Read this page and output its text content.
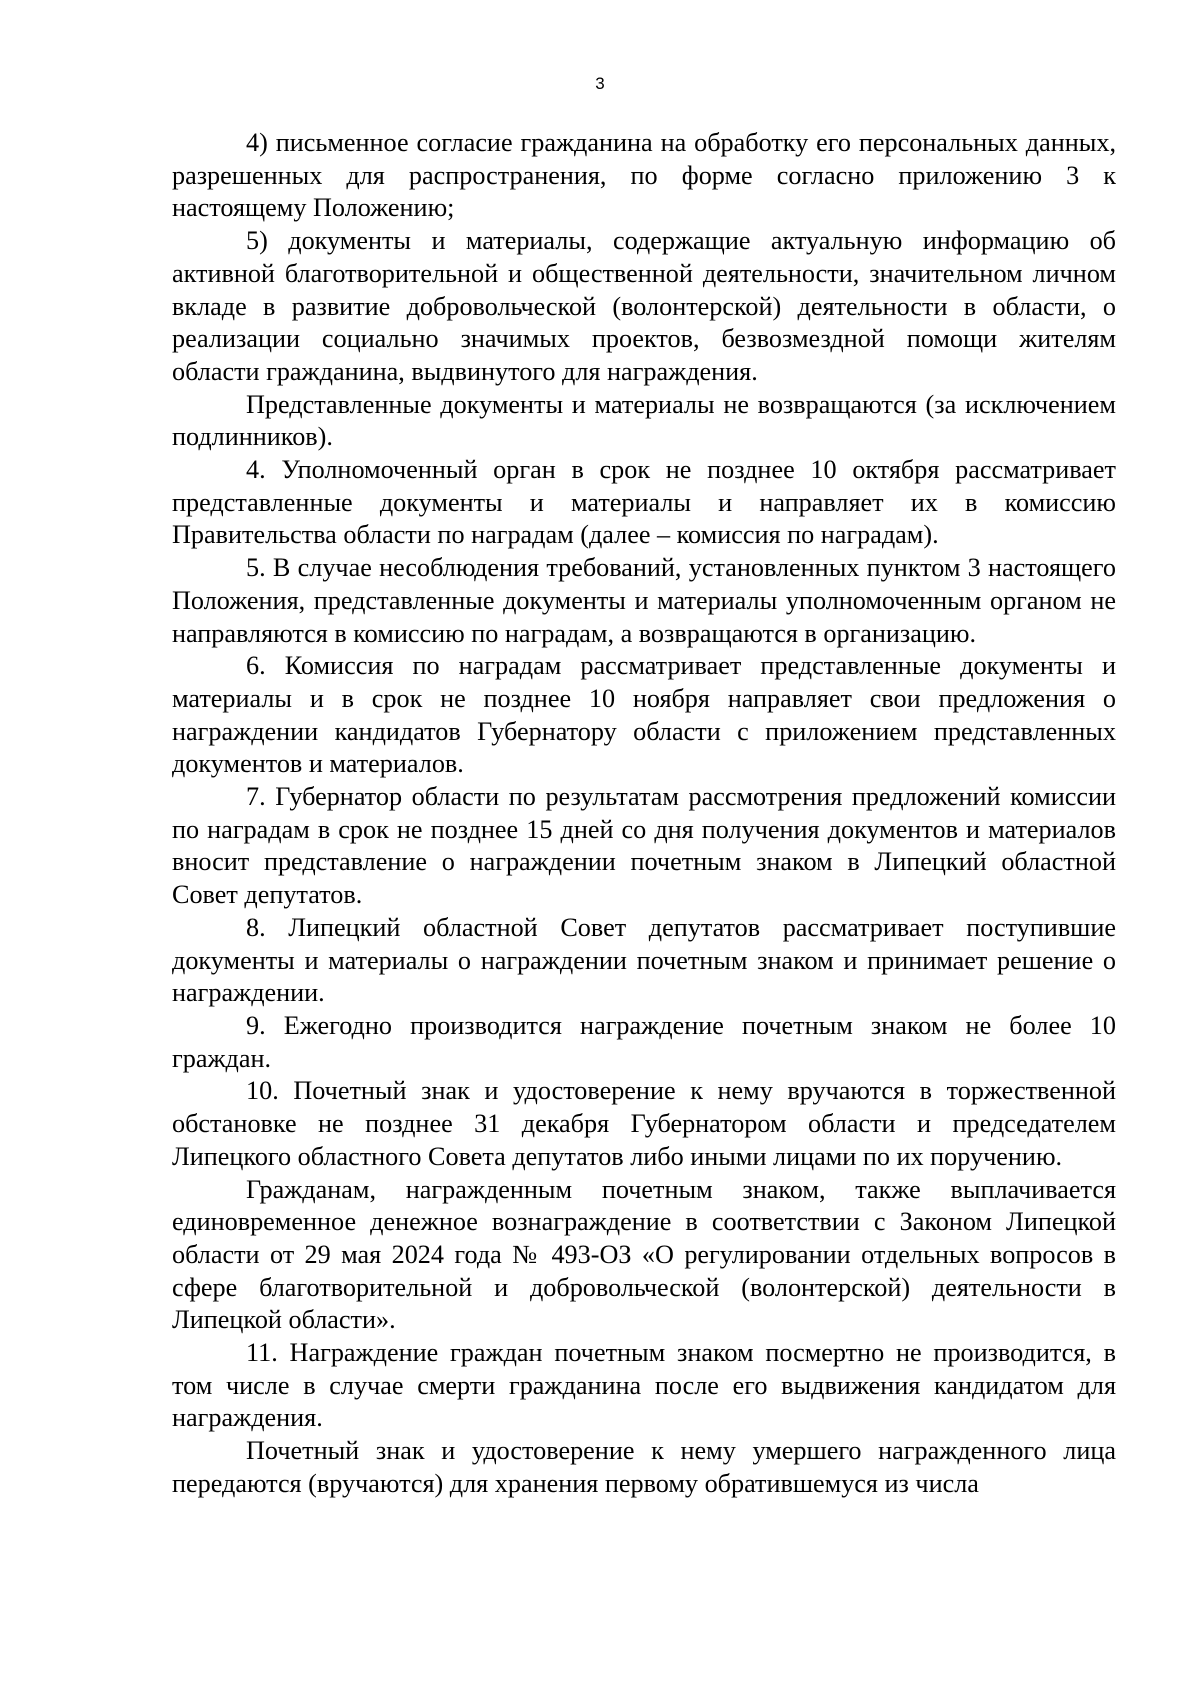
3

4) письменное согласие гражданина на обработку его персональных данных, разрешенных для распространения, по форме согласно приложению 3 к настоящему Положению;

5) документы и материалы, содержащие актуальную информацию об активной благотворительной и общественной деятельности, значительном личном вкладе в развитие добровольческой (волонтерской) деятельности в области, о реализации социально значимых проектов, безвозмездной помощи жителям области гражданина, выдвинутого для награждения.

Представленные документы и материалы не возвращаются (за исключением подлинников).

4. Уполномоченный орган в срок не позднее 10 октября рассматривает представленные документы и материалы и направляет их в комиссию Правительства области по наградам (далее – комиссия по наградам).

5. В случае несоблюдения требований, установленных пунктом 3 настоящего Положения, представленные документы и материалы уполномоченным органом не направляются в комиссию по наградам, а возвращаются в организацию.

6. Комиссия по наградам рассматривает представленные документы и материалы и в срок не позднее 10 ноября направляет свои предложения о награждении кандидатов Губернатору области с приложением представленных документов и материалов.

7. Губернатор области по результатам рассмотрения предложений комиссии по наградам в срок не позднее 15 дней со дня получения документов и материалов вносит представление о награждении почетным знаком в Липецкий областной Совет депутатов.

8. Липецкий областной Совет депутатов рассматривает поступившие документы и материалы о награждении почетным знаком и принимает решение о награждении.

9. Ежегодно производится награждение почетным знаком не более 10 граждан.

10. Почетный знак и удостоверение к нему вручаются в торжественной обстановке не позднее 31 декабря Губернатором области и председателем Липецкого областного Совета депутатов либо иными лицами по их поручению.

Гражданам, награжденным почетным знаком, также выплачивается единовременное денежное вознаграждение в соответствии с Законом Липецкой области от 29 мая 2024 года № 493-ОЗ «О регулировании отдельных вопросов в сфере благотворительной и добровольческой (волонтерской) деятельности в Липецкой области».

11. Награждение граждан почетным знаком посмертно не производится, в том числе в случае смерти гражданина после его выдвижения кандидатом для награждения.

Почетный знак и удостоверение к нему умершего награжденного лица передаются (вручаются) для хранения первому обратившемуся из числа
